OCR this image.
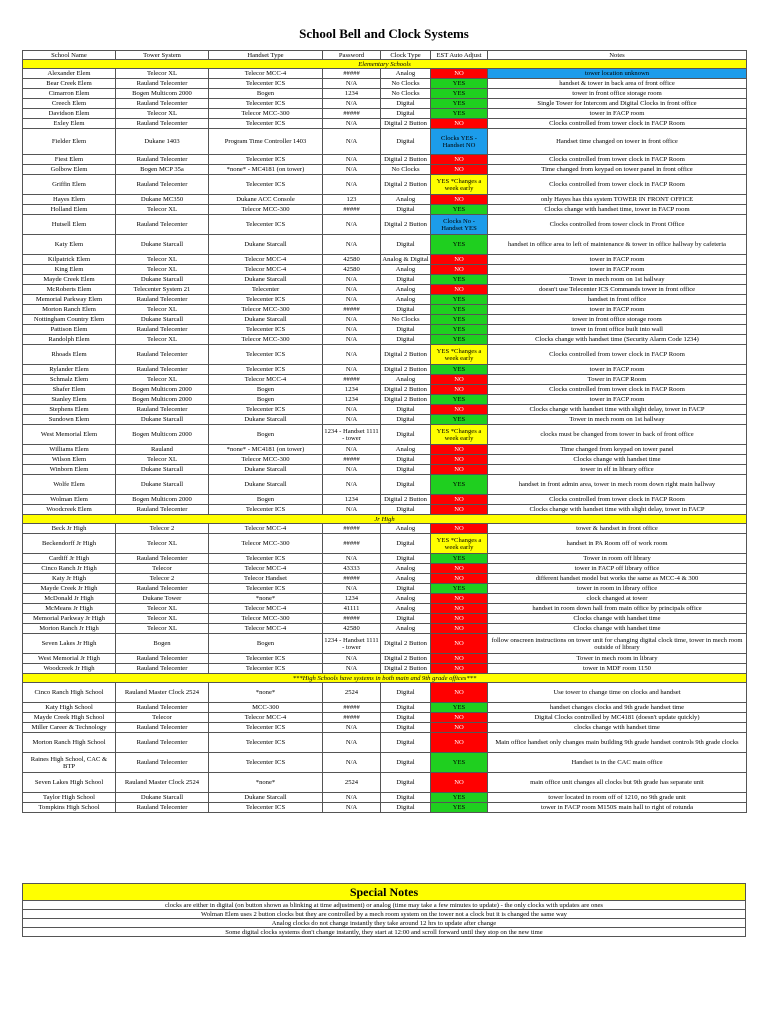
School Bell and Clock Systems
School Name	Tower System	Handset Type	Password	Clock Type	EST Auto Adjust	Notes
Elementary Schools						
Alexander Elem	Telecor XL	Telecor MCC-4	#####	Analog	NO	tower location unknown
Bear Creek Elem	Rauland Telecenter	Telecenter ICS	N/A	No Clocks	YES	handset & tower in back area of front office
Cimarron Elem	Bogen Multicom 2000	Bogen	1234	No Clocks	YES	tower in front office storage room
Creech Elem	Rauland Telecenter	Telecenter ICS	N/A	Digital	YES	Single Tower for Intercom and Digital Clocks in front office
Davidson Elem	Telecor XL	Telecor MCC-300	#####	Digital	YES	tower in FACP room
Exley Elem	Rauland Telecenter	Telecenter ICS	N/A	Digital 2 Button	NO	Clocks controlled from tower clock in FACP Room
Fielder Elem	Dukane 1403	Program Time Controller 1403	N/A	Digital	Clocks YES - Handset NO	Handset time changed on tower in front office
Fiest Elem	Rauland Telecenter	Telecenter ICS	N/A	Digital 2 Button	NO	Clocks controlled from tower clock in FACP Room
Golbow Elem	Bogen MCP 35a	*none* - MC4181 (on tower)	N/A	No Clocks	NO	Time changed from keypad on tower panel in front office
Griffin Elem	Rauland Telecenter	Telecenter ICS	N/A	Digital 2 Button	YES *Changes a week early	Clocks controlled from tower clock in FACP Room
Hayes Elem	Dukane MC350	Dukane ACC Console	123	Analog	NO	only Hayes has this system TOWER IN FRONT OFFICE
Holland Elem	Telecor XL	Telecor MCC-300	#####	Digital	YES	Clocks change with handset time, tower in FACP room
Hutsell Elem	Rauland Telecenter	Telecenter ICS	N/A	Digital 2 Button	Clocks No - Handset YES	Clocks controlled from tower clock in Front Office
Katy Elem	Dukane Starcall	Dukane Starcall	N/A	Digital	YES	handset in office area to left of maintenance & tower in office hallway by cafeteria
Kilpatrick Elem	Telecor XL	Telecor MCC-4	42580	Analog & Digital	NO	tower in FACP room
King Elem	Telecor XL	Telecor MCC-4	42580	Analog	NO	tower in FACP room
Mayde Creek Elem	Dukane Starcall	Dukane Starcall	N/A	Digital	YES	Tower in mech room on 1st hallway
McRoberts Elem	Telecenter System 21	Telecenter	N/A	Analog	NO	doesn't use Telecenter ICS Commands tower in front office
Memorial Parkway Elem	Rauland Telecenter	Telecenter ICS	N/A	Analog	YES	handset in front office
Morton Ranch Elem	Telecor XL	Telecor MCC-300	#####	Digital	YES	tower in FACP room
Nottingham Country Elem	Dukane Starcall	Dukane Starcall	N/A	No Clocks	YES	tower in front office storage room
Pattison Elem	Rauland Telecenter	Telecenter ICS	N/A	Digital	YES	tower in front office built into wall
Randolph Elem	Telecor XL	Telecor MCC-300	N/A	Digital	YES	Clocks change with handset time (Security Alarm Code 1234)
Rhoads Elem	Rauland Telecenter	Telecenter ICS	N/A	Digital 2 Button	YES *Changes a week early	Clocks controlled from tower clock in FACP Room
Rylander Elem	Rauland Telecenter	Telecenter ICS	N/A	Digital 2 Button	YES	tower in FACP room
Schmalz Elem	Telecor XL	Telecor MCC-4	#####	Analog	NO	Tower in FACP Room
Shafer Elem	Bogen Multicom 2000	Bogen	1234	Digital 2 Button	NO	Clocks controlled from tower clock in FACP Room
Stanley Elem	Bogen Multicom 2000	Bogen	1234	Digital 2 Button	YES	tower in FACP room
Stephens Elem	Rauland Telecenter	Telecenter ICS	N/A	Digital	NO	Clocks change with handset time with slight delay, tower in FACP
Sundown Elem	Dukane Starcall	Dukane Starcall	N/A	Digital	YES	Tower in mech room on 1st hallway
West Memorial Elem	Bogen Multicom 2000	Bogen	1234 - Handset 1111 - tower	Digital	YES *Changes a week early	clocks must be changed from tower in back of front office
Williams Elem	Rauland	*none* - MC4181 (on tower)	N/A	Analog	NO	Time changed from keypad on tower panel
Wilson Elem	Telecor XL	Telecor MCC-300	#####	Digital	NO	Clocks change with handset time
Winborn Elem	Dukane Starcall	Dukane Starcall	N/A	Digital	NO	tower in elf in library office
Wolfe Elem	Dukane Starcall	Dukane Starcall	N/A	Digital	YES	handset in front admin area, tower in mech room down right main hallway
Wolman Elem	Bogen Multicom 2000	Bogen	1234	Digital 2 Button	NO	Clocks controlled from tower clock in FACP Room
Woodcreek Elem	Rauland Telecenter	Telecenter ICS	N/A	Digital	NO	Clocks change with handset time with slight delay, tower in FACP
Jr High						
Beck Jr High	Telecor 2	Telecor MCC-4	#####	Analog	NO	tower & handset in front office
Beckendorff Jr High	Telecor XL	Telecor MCC-300	#####	Digital	YES *Changes a week early	handset in PA Room off of work room
Cardiff Jr High	Rauland Telecenter	Telecenter ICS	N/A	Digital	YES	Tower in room off library
Cinco Ranch Jr High	Telecor	Telecor MCC-4	43333	Analog	NO	tower in FACP off library office
Katy Jr High	Telecor 2	Telecor Handset	#####	Analog	NO	different handset model but works the same as MCC-4 & 300
Mayde Creek Jr High	Rauland Telecenter	Telecenter ICS	N/A	Digital	YES	tower in room in library office
McDonald Jr High	Dukane Tower	*none*	1234	Analog	NO	clock changed at tower
McMeans Jr High	Telecor XL	Telecor MCC-4	41111	Analog	NO	handset in room down hall from main office by principals office
Memorial Parkway Jr High	Telecor XL	Telecor MCC-300	#####	Digital	NO	Clocks change with handset time
Morton Ranch Jr High	Telecor XL	Telecor MCC-4	42580	Analog	NO	Clocks change with handset time
Seven Lakes Jr High	Bogen	Bogen	1234 - Handset 1111 - tower	Digital 2 Button	NO	follow onscreen instructions on tower unit for changing digital clock time, tower in mech room outside of library
West Memorial Jr High	Rauland Telecenter	Telecenter ICS	N/A	Digital 2 Button	NO	Tower in mech room in library
Woodcreek Jr High	Rauland Telecenter	Telecenter ICS	N/A	Digital 2 Button	NO	tower in MDF room 1150
***High Schools have systems in both main and 9th grade offices***						
Cinco Ranch High School	Rauland Master Clock 2524	*none*	2524	Digital	NO	Use tower to change time on clocks and handset
Katy High School	Rauland Telecenter	MCC-300	#####	Digital	YES	handset changes clocks and 9th grade handset time
Mayde Creek High School	Telecor	Telecor MCC-4	#####	Digital	NO	Digital Clocks controlled by MC4181 (doesn't update quickly)
Miller Career & Technology	Rauland Telecenter	Telecenter ICS	N/A	Digital	NO	clocks change with handset time
Morton Ranch High School	Rauland Telecenter	Telecenter ICS	N/A	Digital	NO	Main office handset only changes main building 9th grade handset controls 9th grade clocks
Raines High School, CAC & BTP	Rauland Telecenter	Telecenter ICS	N/A	Digital	YES	Handset is in the CAC main office
Seven Lakes High School	Rauland Master Clock 2524	*none*	2524	Digital	NO	main office unit changes all clocks but 9th grade has separate unit
Taylor High School	Dukane Starcall	Dukane Starcall	N/A	Digital	YES	tower located in room off of 1210, no 9th grade unit
Tompkins High School	Rauland Telecenter	Telecenter ICS	N/A	Digital	YES	tower in FACP room M150S main hall to right of rotunda
Special Notes
clocks are either in digital (on button shown as blinking at time adjustment) or analog (time may take a few minutes to update) - the only clocks with updates are ones
Wolman Elem uses 2 button clocks but they are controlled by a mech room system on the tower not a clock but it is changed the same way
Analog clocks do not change instantly they take around 12 hrs to update after change
Some digital clocks systems don't change instantly, they start at 12:00 and scroll forward until they stop on the new time
